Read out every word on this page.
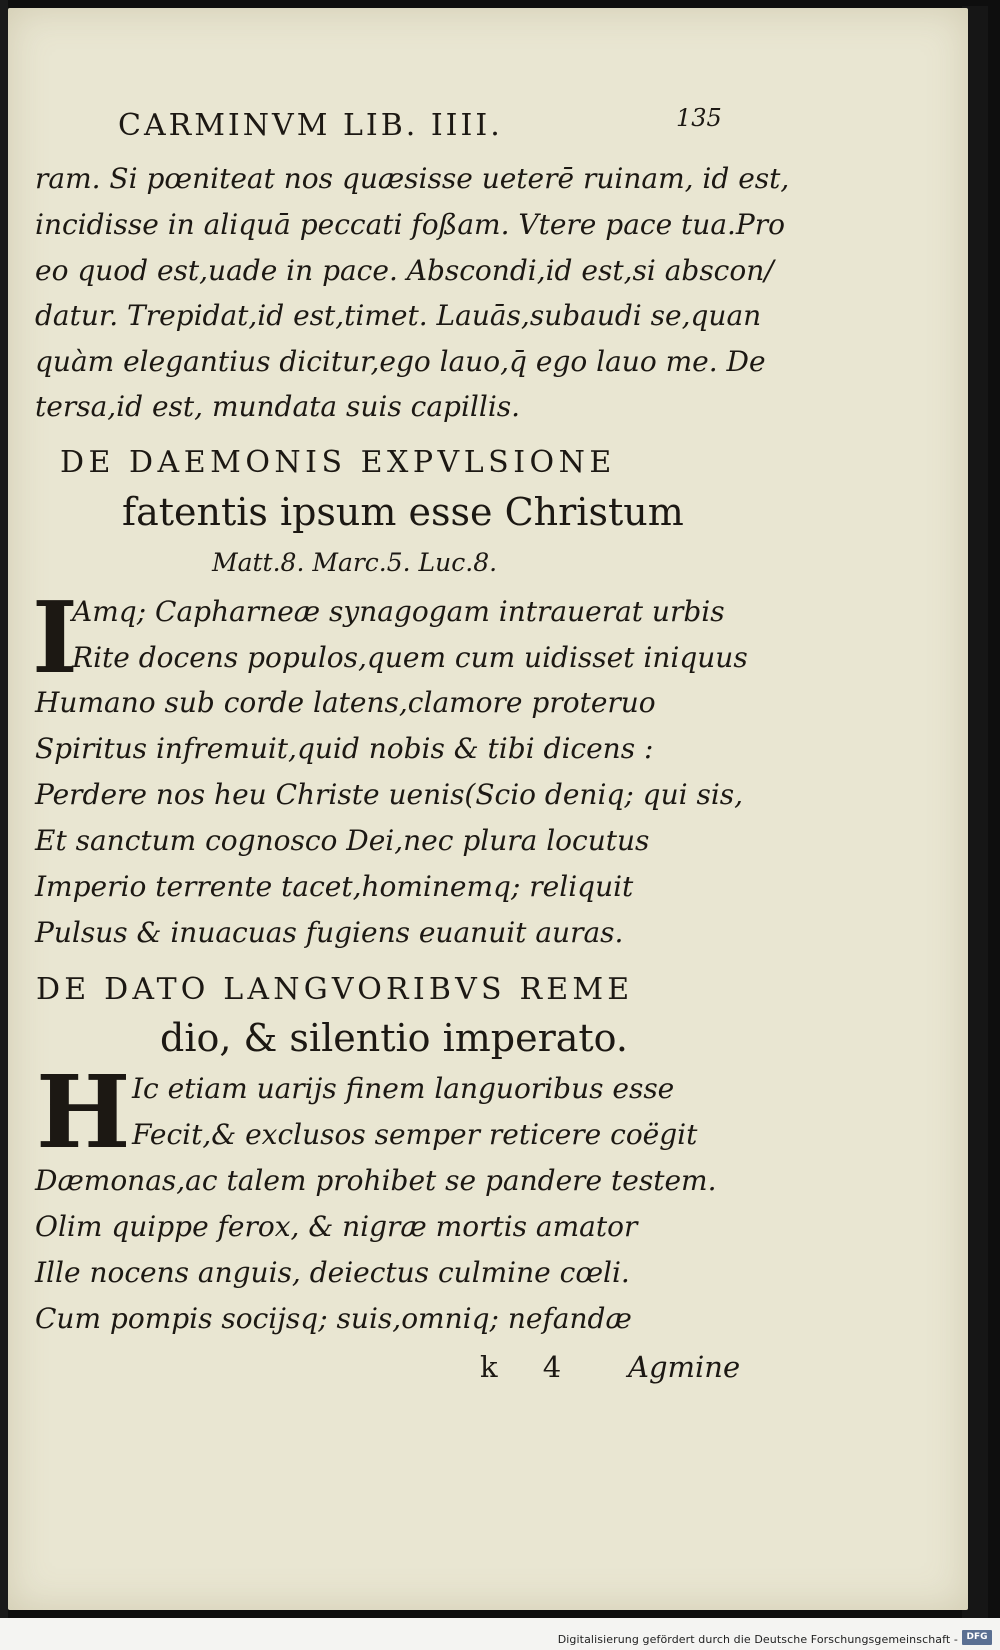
CARMINVM LIB. IIII.	135
ram. Si pœniteat nos quæsisse ueterē ruinam, id est,
incidisse in aliquā peccati foßam. Vtere pace tua.Pro
eo quod est,uade in pace. Abscondi,id est,si abscon/
datur. Trepidat,id est,timet. Lauās,subaudi se,quan
quàm elegantius dicitur,ego lauo,q̄ ego lauo me. De
tersa,id est, mundata suis capillis.
DE DAEMONIS EXPVLSIONE
fatentis ipsum esse Christum
Matt.8. Marc.5. Luc.8.
I
Amq; Capharneæ synagogam intrauerat urbis
Rite docens populos,quem cum uidisset iniquus
Humano sub corde latens,clamore proteruo
Spiritus infremuit,quid nobis & tibi dicens :
Perdere nos heu Christe uenis(Scio deniq; qui sis,
Et sanctum cognosco Dei,nec plura locutus
Imperio terrente tacet,hominemq; reliquit
Pulsus & inuacuas fugiens euanuit auras.
DE DATO LANGVORIBVS REME
dio, & silentio imperato.
H Ic etiam uarijs finem languoribus esse
Fecit,& exclusos semper reticere coëgit
Dæmonas,ac talem prohibet se pandere testem.
Olim quippe ferox, & nigræ mortis amator
Ille nocens anguis, deiectus culmine cœli.
Cum pompis socijsq; suis,omniq; nefandæ
k 4 Agmine
Digitalisierung gefördert durch die Deutsche Forschungsgemeinschaft - DFG
